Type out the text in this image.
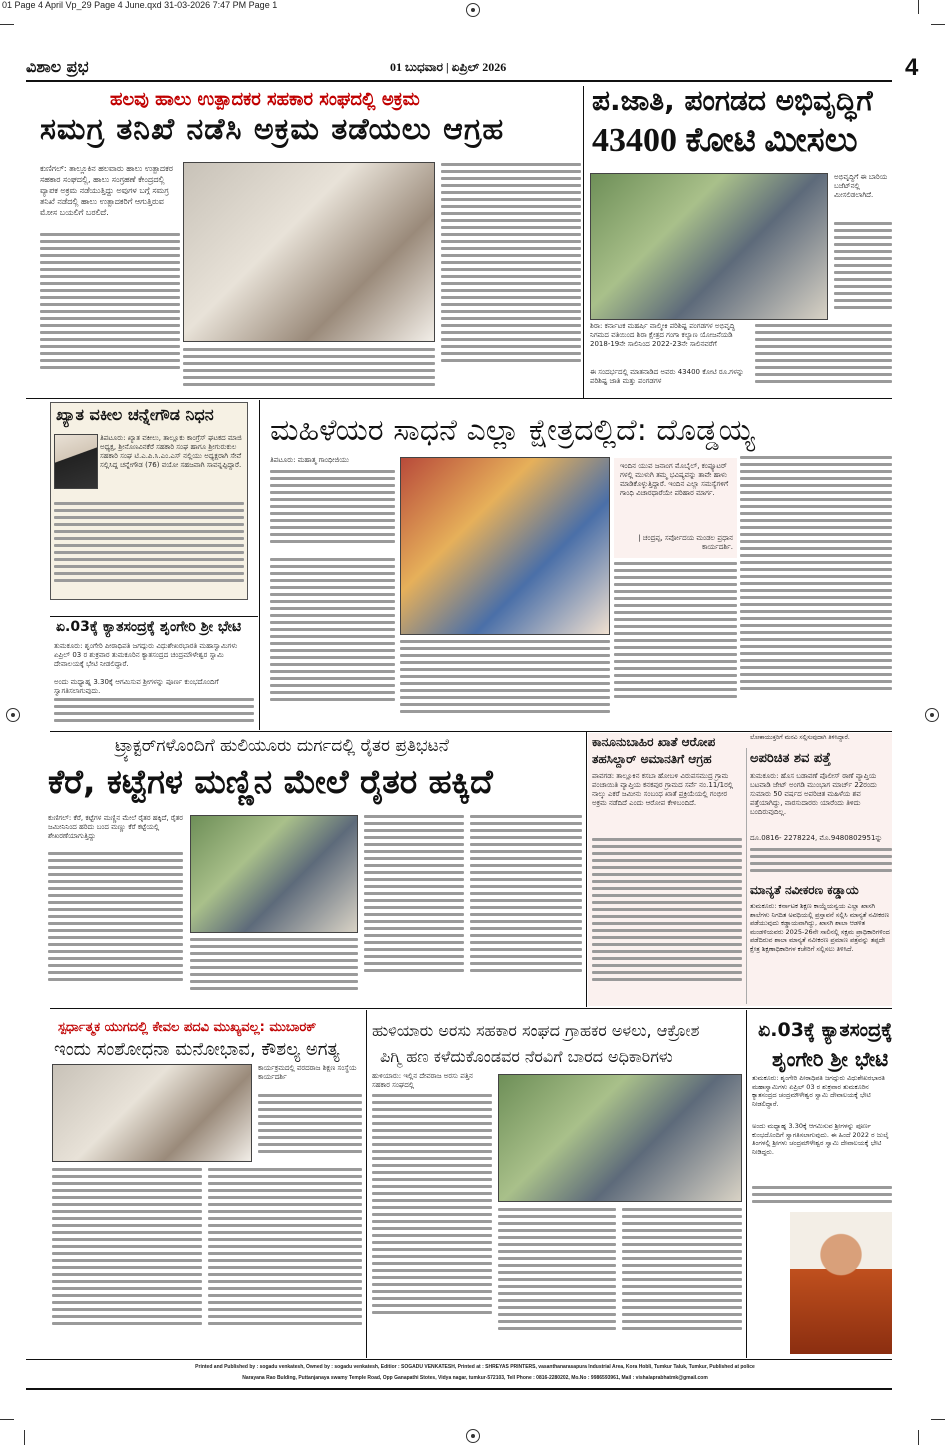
01 Page 4 April Vp_29 Page 4 June.qxd 31-03-2026 7:47 PM Page 1
ವಿಶಾಲ ಪ್ರಭ	01 ಬುಧವಾರ | ಏಪ್ರಿಲ್ 2026	4
ಹಲವು ಹಾಲು ಉತ್ಪಾದಕರ ಸಹಕಾರ ಸಂಘದಲ್ಲಿ ಅಕ್ರಮ
ಸಮಗ್ರ ತನಿಖೆ ನಡೆಸಿ ಅಕ್ರಮ ತಡೆಯಲು ಆಗ್ರಹ
ಕುಣಿಗಲ್: ತಾಲ್ಲೂಕಿನ ಹಲವಾರು ಹಾಲು ಉತ್ಪಾದಕರ ಸಹಕಾರ ಸಂಘದಲ್ಲಿ, ಹಾಲು ಸಂಗ್ರಹಣೆ ಕೇಂದ್ರದಲ್ಲಿ ವ್ಯಾಪಕ ಅಕ್ರಮ ನಡೆಯುತ್ತಿದ್ದು ಅವುಗಳ ಬಗ್ಗೆ ಸಮಗ್ರ ತನಿಖೆ ನಡೆದಲ್ಲಿ ಹಾಲು ಉತ್ಪಾದಕರಿಗೆ ಆಗುತ್ತಿರುವ ಮೋಸ ಬಯಲಿಗೆ ಬರಲಿದೆ.
ಪ.ಜಾತಿ, ಪಂಗಡದ ಅಭಿವೃದ್ಧಿಗೆ
43400 ಕೋಟಿ ಮೀಸಲು
ಅಭಿವೃದ್ಧಿಗೆ ಈ ಬಾರಿಯ ಬಜೆಟ್‌ನಲ್ಲಿ ಮೀಸಲಿಡಲಾಗಿದೆ.
ಶಿರಾ: ಕರ್ನಾಟಕ ಮಹರ್ಷಿ ವಾಲ್ಮೀಕಿ ಪರಿಶಿಷ್ಟ ಪಂಗಡಗಳ ಅಭಿವೃದ್ಧಿ ನಿಗಮದ ವತಿಯಿಂದ ಶಿರಾ ಕ್ಷೇತ್ರದ ಗಂಗಾ ಕಲ್ಯಾಣ ಯೋಜನೆಯಡಿ 2018-19ನೇ ಸಾಲಿನಿಂದ 2022-23ನೇ ಸಾಲಿನವರೆಗೆ
ಈ ಸಂದರ್ಭದಲ್ಲಿ ಮಾತನಾಡಿದ ಅವರು 43400 ಕೋಟಿ ರೂ.ಗಳನ್ನು ಪರಿಶಿಷ್ಟ ಜಾತಿ ಮತ್ತು ಪಂಗಡಗಳ
ಖ್ಯಾತ ವಕೀಲ ಚನ್ನೇಗೌಡ ನಿಧನ
ತಿಪಟೂರು: ಖ್ಯಾತ ವಕೀಲು, ತಾಲ್ಲೂಕು ಕಾಂಗ್ರೆಸ್ ಘಟಕದ ಮಾಜಿ ಅಧ್ಯಕ್ಷ, ಶ್ರೀನೊಣವಿನಕೆರೆ ಸಹಕಾರಿ ಸಂಘ ಹಾಗೂ ಶ್ರೀಗುರುಕುಲ ಸಹಕಾರಿ ಸಂಘ ಟಿ.ಎ.ಪಿ.ಸಿ.ಎಂ.ಎಸ್ ನಲ್ಲಿಯು ಅಧ್ಯಕ್ಷರಾಗಿ ಸೇವೆ ಸಲ್ಲಿಸಿದ್ದ ಚನ್ನೇಗೌಡ (76) ವಯೋ ಸಹಜವಾಗಿ ಸಾವನ್ನಪ್ಪಿದ್ದಾರೆ.
ಏ.03ಕ್ಕೆ ಕ್ಯಾತಸಂದ್ರಕ್ಕೆ ಶೃಂಗೇರಿ ಶ್ರೀ ಭೇಟಿ
ತುಮಕೂರು: ಶೃಂಗೇರಿ ಪೀಠಾಧಿಪತಿ ಜಗದ್ಗುರು ವಿಧುಶೇಖರಭಾರತಿ ಮಹಾಸ್ವಾಮಿಗಳು ಏಪ್ರಿಲ್ 03 ರ ಶುಕ್ರವಾರ ತುಮಕೂರಿನ ಕ್ಯಾತಸಂದ್ರದ ಚಂದ್ರಮೌಳೇಶ್ವರ ಸ್ವಾಮಿ ದೇವಾಲಯಕ್ಕೆ ಭೇಟಿ ನೀಡಲಿದ್ದಾರೆ.
ಅಂದು ಮಧ್ಯಾಹ್ನ 3.30ಕ್ಕೆ ಆಗಮಿಸುವ ಶ್ರೀಗಳನ್ನು ಪೂರ್ಣ ಕುಂಭದೊಂದಿಗೆ ಸ್ವಾಗತಿಸಲಾಗುವುದು.
ಮಹಿಳೆಯರ ಸಾಧನೆ ಎಲ್ಲಾ ಕ್ಷೇತ್ರದಲ್ಲಿದೆ: ದೊಡ್ಡಯ್ಯ
ತಿಪಟೂರು: ಮಹಾತ್ಮ ಗಾಂಧೀಜಿಯು
ಇಂದಿನ ಯುವ ಜನಾಂಗ ಮೊಬೈಲ್, ಕಂಪ್ಯೂಟರ್ ಗಳಲ್ಲಿ ಮುಳುಗಿ ತಮ್ಮ ಭವಿಷ್ಯವನ್ನು ತಾವೇ ಹಾಳು ಮಾಡಿಕೊಳ್ಳುತ್ತಿದ್ದಾರೆ. ಇಂದಿನ ಎಲ್ಲಾ ಸಮಸ್ಯೆಗಳಿಗೆ ಗಾಂಧಿ ವಿಚಾರಧಾರೆಯೇ ಪರಿಹಾರ ಮಾರ್ಗ.
| ಚಂದ್ರಪ್ಪ, ಸರ್ವೋದಯ ಮಂಡಲ ಪ್ರಧಾನ ಕಾರ್ಯದರ್ಶಿ.
ಟ್ರ್ಯಾಕ್ಟರ್‌ಗಳೊಂದಿಗೆ ಹುಲಿಯೂರು ದುರ್ಗದಲ್ಲಿ ರೈತರ ಪ್ರತಿಭಟನೆ
ಕೆರೆ, ಕಟ್ಟೆಗಳ ಮಣ್ಣಿನ ಮೇಲೆ ರೈತರ ಹಕ್ಕಿದೆ
ಕುಣಿಗಲ್: ಕೆರೆ, ಕಟ್ಟೆಗಳ ಮಣ್ಣಿನ ಮೇಲೆ ರೈತರ ಹಕ್ಕಿದೆ, ರೈತರ ಜಮೀನಿನಿಂದ ಹರಿದು ಬಂದ ಮಣ್ಣು ಕೆರೆ ಕಟ್ಟೆಯಲ್ಲಿ ಶೇಖರಣೆಯಾಗುತ್ತಿದ್ದು
ಕಾನೂನುಬಾಹಿರ ಖಾತೆ ಆರೋಪ
ತಹಸಿಲ್ದಾರ್ ಅಮಾನತಿಗೆ ಆಗ್ರಹ
ಪಾವಗಡ: ತಾಲ್ಲೂಕಿನ ಕಸಬಾ ಹೋಬಳಿ ವಿರುಪಸಮುದ್ರ ಗ್ರಾಮ ಪಂಚಾಯಿತಿ ವ್ಯಾಪ್ತಿಯ ಕನಕಪುರ ಗ್ರಾಮದ ಸರ್ವೆ ನಂ.11/1ರಲ್ಲಿ ನಾಲ್ಕು ಎಕರೆ ಜಮೀನು ಸಂಬಂಧ ಖಾತೆ ಪ್ರಕ್ರಿಯೆಯಲ್ಲಿ ಗಂಭೀರ ಅಕ್ರಮ ನಡೆದಿದೆ ಎಂದು ಆರೋಪ ಕೇಳಿಬಂದಿದೆ.
ಲೋಕಾಯುಕ್ತರಿಗೆ ಮನವಿ ಸಲ್ಲಿಸುವುದಾಗಿ ತಿಳಿಸಿದ್ದಾರೆ.
ಅಪರಿಚಿತ ಶವ ಪತ್ತೆ
ತುಮಕೂರು: ಹೊಸ ಬಡಾವಣೆ ಪೊಲೀಸ್ ಠಾಣೆ ವ್ಯಾಪ್ತಿಯ ಬಟವಾಡಿ ಜೇಟ್ ಅಂಗಡಿ ಮುಂಭಾಗ ಮಾರ್ಚ್ 22ರಂದು ಸುಮಾರು 50 ವರ್ಷದ ಅಪರಿಚಿತ ಮಹಿಳೆಯ ಶವ ಪತ್ತೆಯಾಗಿದ್ದು, ವಾರಸುದಾರರು ಯಾರೆಂದು ತಿಳಿದು ಬಂದಿರುವುದಿಲ್ಲ.
ದೂ.0816- 2278224, ಮೊ.9480802951ನ್ನು
ಮಾನ್ಯತೆ ನವೀಕರಣ ಕಡ್ಡಾಯ
ತುಮಕೂರು: ಕರ್ನಾಟಕ ಶಿಕ್ಷಣ ಕಾಯ್ದೆಯನ್ವಯ ಎಲ್ಲಾ ಖಾಸಗಿ ಶಾಲೆಗಳು ನಿಗದಿತ ಅವಧಿಯಲ್ಲಿ ಪ್ರಸ್ತಾವನೆ ಸಲ್ಲಿಸಿ ಮಾನ್ಯತೆ ನವೀಕರಣ ಪಡೆಯುವುದು ಕಡ್ಡಾಯವಾಗಿದ್ದು, ಖಾಸಗಿ ಶಾಲಾ ಆಡಳಿತ ಮಂಡಳಿಯವರು 2025-26ನೇ ಸಾಲಿನಲ್ಲಿ ಸಕ್ಷಮ ಪ್ರಾಧಿಕಾರಿಗಳಿಂದ ಪಡೆದಿರುವ ಶಾಲಾ ಮಾನ್ಯತೆ ನವೀಕರಣ ಪ್ರಮಾಣ ಪತ್ರವನ್ನು ತಪ್ಪದೇ ಕ್ಷೇತ್ರ ಶಿಕ್ಷಣಾಧಿಕಾರಿಗಳ ಕಚೇರಿಗೆ ಸಲ್ಲಿಸಲು ತಿಳಿಸಿದೆ.
ಸ್ಪರ್ಧಾತ್ಮಕ ಯುಗದಲ್ಲಿ ಕೇವಲ ಪದವಿ ಮುಖ್ಯವಲ್ಲ: ಮುಬಾರಕ್
ಇಂದು ಸಂಶೋಧನಾ ಮನೋಭಾವ, ಕೌಶಲ್ಯ ಅಗತ್ಯ
ಕಾರ್ಯಕ್ರಮದಲ್ಲಿ ವರದರಾಜ ಶಿಕ್ಷಣ ಸಂಸ್ಥೆಯ ಕಾರ್ಯದರ್ಶಿ
ಹುಳಿಯಾರು ಅರಸು ಸಹಕಾರ ಸಂಘದ ಗ್ರಾಹಕರ ಅಳಲು, ಆಕ್ರೋಶ
ಪಿಗ್ಮಿ ಹಣ ಕಳೆದುಕೊಂಡವರ ನೆರವಿಗೆ ಬಾರದ ಅಧಿಕಾರಿಗಳು
ಹುಳಿಯಾರು: ಇಲ್ಲಿನ ದೇವರಾಜ ಅರಸು ಪತ್ತಿನ ಸಹಕಾರ ಸಂಘದಲ್ಲಿ
ಏ.03ಕ್ಕೆ ಕ್ಯಾತಸಂದ್ರಕ್ಕೆ
ಶೃಂಗೇರಿ ಶ್ರೀ ಭೇಟಿ
ತುಮಕೂರು: ಶೃಂಗೇರಿ ಪೀಠಾಧಿಪತಿ ಜಗದ್ಗುರು ವಿಧುಶೇಖರಭಾರತಿ ಮಹಾಸ್ವಾಮಿಗಳು ಏಪ್ರಿಲ್ 03 ರ ಶುಕ್ರವಾರ ತುಮಕೂರಿನ ಕ್ಯಾತಸಂದ್ರದ ಚಂದ್ರಮೌಳೇಶ್ವರ ಸ್ವಾಮಿ ದೇವಾಲಯಕ್ಕೆ ಭೇಟಿ ನೀಡಲಿದ್ದಾರೆ.
ಅಂದು ಮಧ್ಯಾಹ್ನ 3.30ಕ್ಕೆ ಆಗಮಿಸುವ ಶ್ರೀಗಳನ್ನು ಪೂರ್ಣ ಕುಂಭದೊಂದಿಗೆ ಸ್ವಾಗತಿಸಲಾಗುವುದು. ಈ ಹಿಂದೆ 2022 ರ ಜುಲೈ ತಿಂಗಳಲ್ಲಿ ಶ್ರೀಗಳು ಚಂದ್ರಮೌಳೇಶ್ವರ ಸ್ವಾಮಿ ದೇವಾಲಯಕ್ಕೆ ಭೇಟಿ ನೀಡಿದ್ದರು.
Printed and Published by : sogadu venkatesh, Owned by : sogadu venkatesh, Editior : SOGADU VENKATESH, Printed at : SHREYAS PRINTERS, vasanthanarasapura Industrial Area, Kora Hobli, Tumkur Taluk, Tumkur, Published at police
Narayana Rao Bulding, Puttanjanaya swamy Temple Road, Opp Ganapathi Stotes, Vidya nagar, tumkur-572103, Tell Phone : 0816-2280202, Mo.No : 9986593961, Mail : vishalaprabhatmk@gmail.com
